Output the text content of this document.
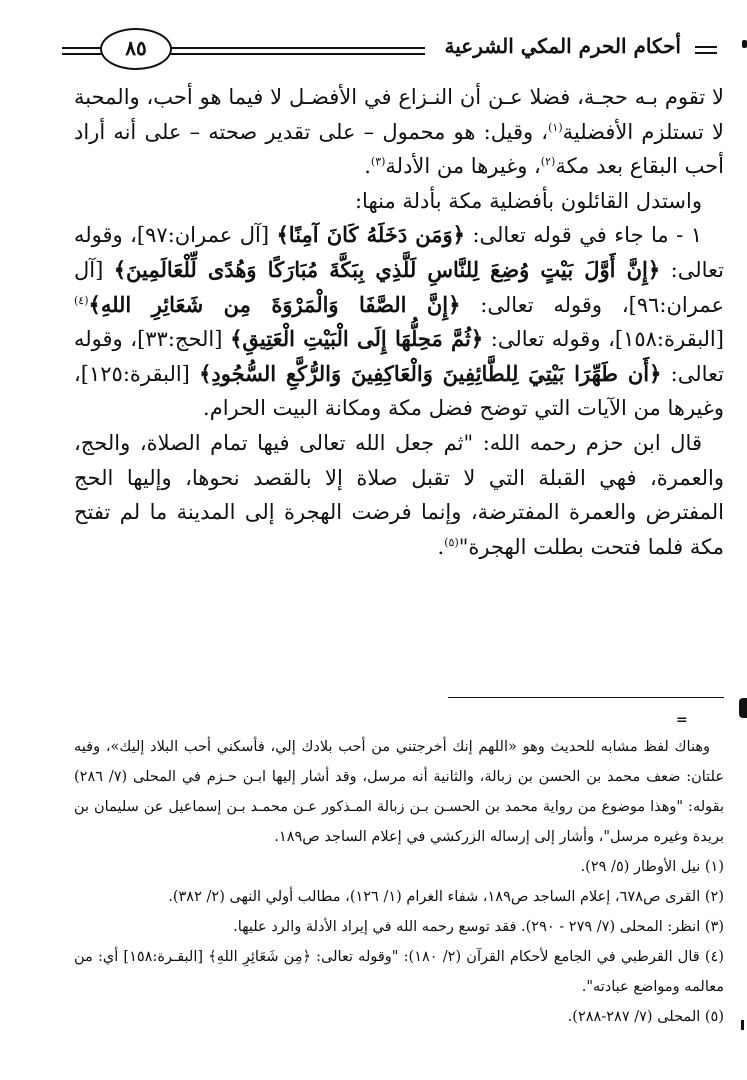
أحكام الحرم المكي الشرعية
٨٥

لا تقوم بـه حجـة، فضلا عـن أن النـزاع في الأفضـل لا فيما هو أحب، والمحبة لا تستلزم الأفضلية$^{(١)}$، وقيل: هو محمول – على تقدير صحته – على أنه أراد أحب البقاع بعد مكة$^{(٢)}$، وغيرها من الأدلة$^{(٣)}$.

واستدل القائلون بأفضلية مكة بأدلة منها:

١ - ما جاء في قوله تعالى: ﴿وَمَن دَخَلَهُ كَانَ آمِنًا﴾ [آل عمران:٩٧]، وقوله تعالى: ﴿إِنَّ أَوَّلَ بَيْتٍ وُضِعَ لِلنَّاسِ لَلَّذِي بِبَكَّةَ مُبَارَكًا وَهُدًى لِّلْعَالَمِينَ﴾ [آل عمران:٩٦]، وقوله تعالى: ﴿إِنَّ الصَّفَا وَالْمَرْوَةَ مِن شَعَائِرِ اللهِ﴾$^{(٤)}$[البقرة:١٥٨]، وقوله تعالى: ﴿ثُمَّ مَحِلُّهَا إِلَى الْبَيْتِ الْعَتِيقِ﴾ [الحج:٣٣]، وقوله تعالى: ﴿أَن طَهِّرَا بَيْتِيَ لِلطَّائِفِينَ وَالْعَاكِفِينَ وَالرُّكَّعِ السُّجُودِ﴾ [البقرة:١٢٥]، وغيرها من الآيات التي توضح فضل مكة ومكانة البيت الحرام.

قال ابن حزم رحمه الله: "ثم جعل الله تعالى فيها تمام الصلاة، والحج، والعمرة، فهي القبلة التي لا تقبل صلاة إلا بالقصد نحوها، وإليها الحج المفترض والعمرة المفترضة، وإنما فرضت الهجرة إلى المدينة ما لم تفتح مكة فلما فتحت بطلت الهجرة"$^{(٥)}$.

=

وهناك لفظ مشابه للحديث وهو «اللهم إنك أخرجتني من أحب بلادك إلي، فأسكني أحب البلاد إليك»، وفيه علتان: ضعف محمد بن الحسن بن زبالة، والثانية أنه مرسل، وقد أشار إليها ابـن حـزم في المحلى (٧/ ٢٨٦) بقوله: "وهذا موضوع من رواية محمد بن الحسـن بـن زبالة المـذكور عـن محمـد بـن إسماعيل عن سليمان بن بريدة وغيره مرسل"، وأشار إلى إرساله الزركشي في إعلام الساجد ص١٨٩.

(١) نيل الأوطار (٥/ ٢٩).

(٢) القرى ص٦٧٨، إعلام الساجد ص١٨٩، شفاء الغرام (١/ ١٢٦)، مطالب أولي النهى (٢/ ٣٨٢).

(٣) انظر: المحلى (٧/ ٢٧٩ - ٢٩٠). فقد توسع رحمه الله في إيراد الأدلة والرد عليها.

(٤) قال القرطبي في الجامع لأحكام القرآن (٢/ ١٨٠): "وقوله تعالى: ﴿مِن شَعَائِرِ اللهِ﴾ [البقـرة:١٥٨] أي: من معالمه ومواضع عبادته".

(٥) المحلى (٧/ ٢٨٧-٢٨٨).
